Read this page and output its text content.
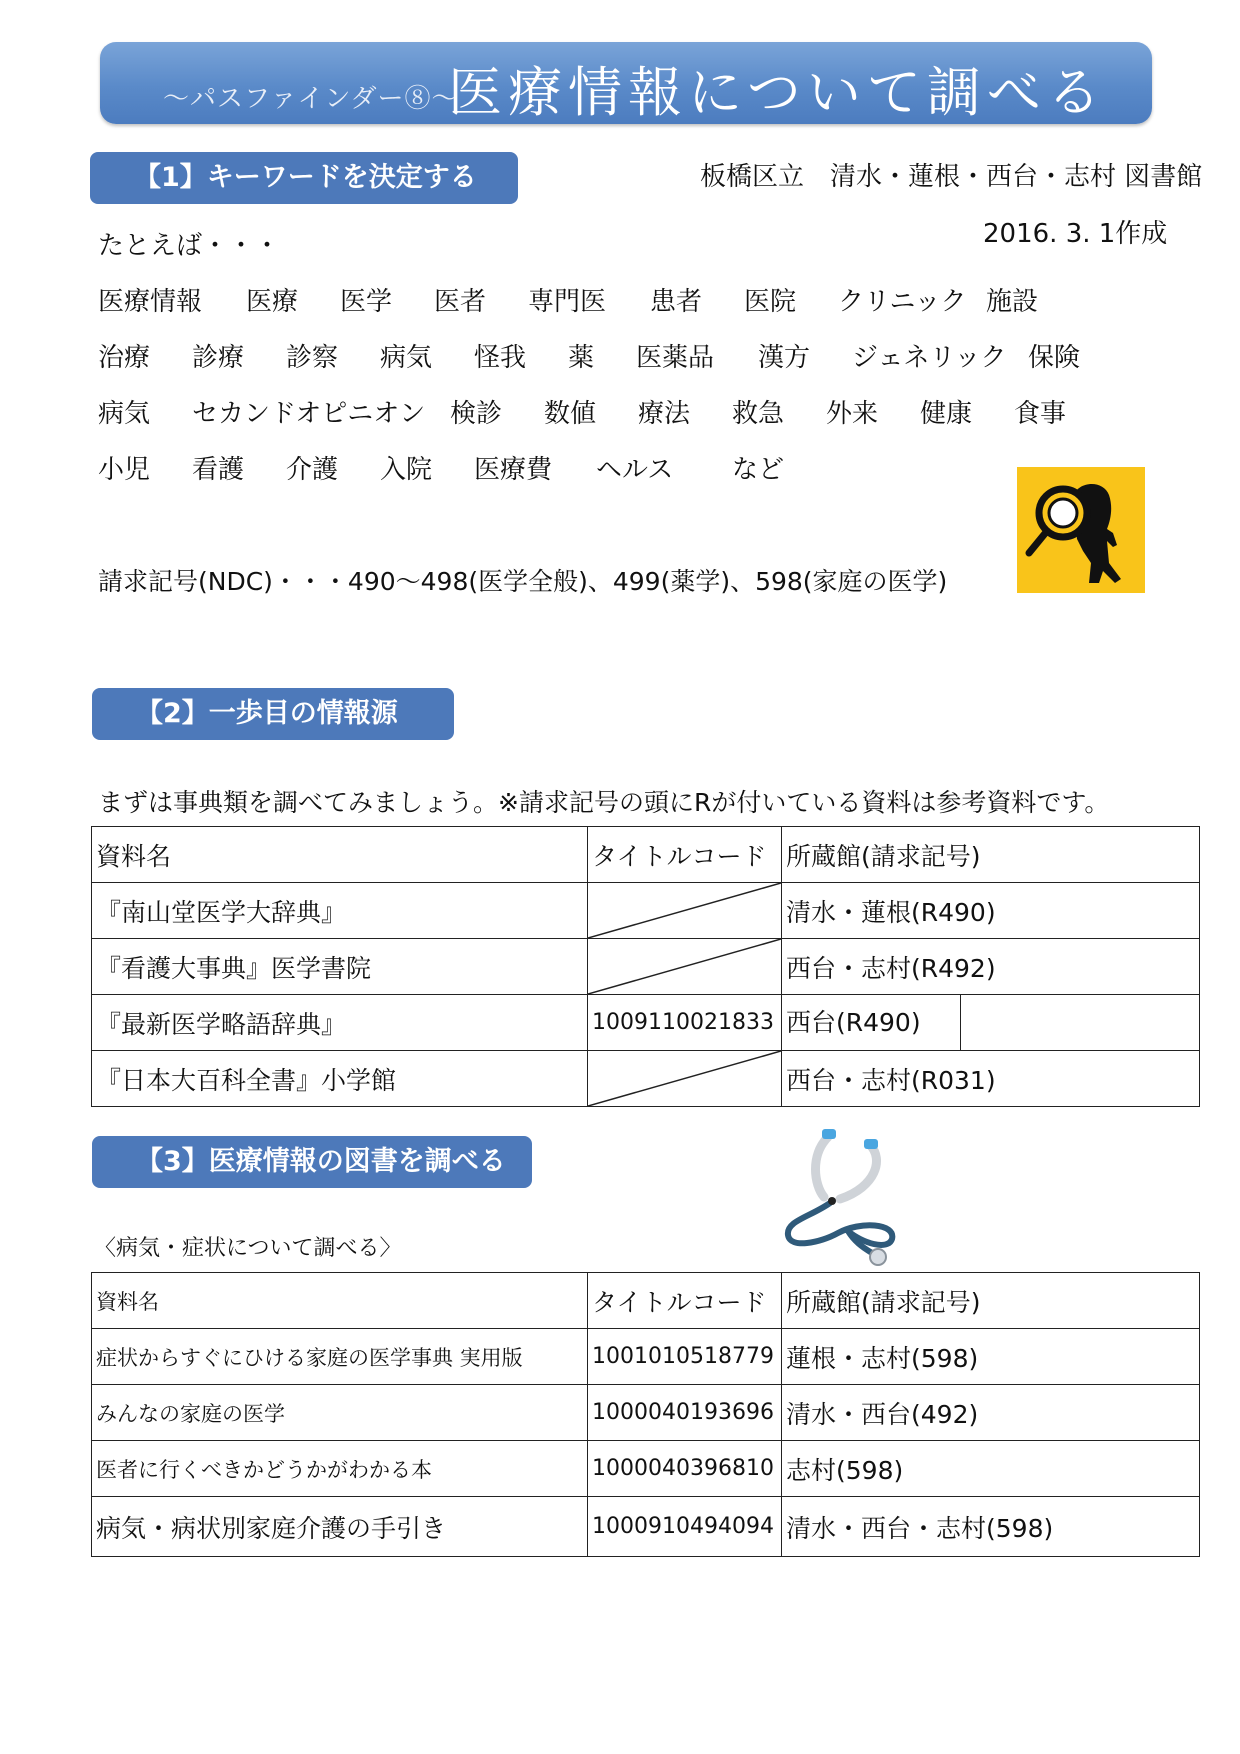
～パスファインダー⑧～
医療情報について調べる
【1】キーワードを決定する	板橋区立　清水・蓮根・西台・志村 図書館
2016. 3. 1作成
たとえば・・・
医療情報 医療 医学 医者 専門医 患者 医院 クリニック 施設
治療 診療 診察 病気 怪我 薬 医薬品 漢方 ジェネリック 保険
病気 セカンドオピニオン 検診 数値 療法 救急 外来 健康 食事
小児 看護 介護 入院 医療費 ヘルス など
請求記号(NDC)・・・490～498(医学全般)、499(薬学)、598(家庭の医学)
【2】一歩目の情報源
まずは事典類を調べてみましょう。※請求記号の頭にRが付いている資料は参考資料です。
資料名	タイトルコード	所蔵館(請求記号)
『南山堂医学大辞典』		清水・蓮根(R490)
『看護大事典』医学書院		西台・志村(R492)
『最新医学略語辞典』	1009110021833	西台(R490)

『日本大百科全書』小学館		西台・志村(R031)
【3】医療情報の図書を調べる
〈病気・症状について調べる〉
資料名	タイトルコード	所蔵館(請求記号)
症状からすぐにひける家庭の医学事典 実用版	1001010518779	蓮根・志村(598)
みんなの家庭の医学	1000040193696	清水・西台(492)
医者に行くべきかどうかがわかる本	1000040396810	志村(598)
病気・病状別家庭介護の手引き	1000910494094	清水・西台・志村(598)
